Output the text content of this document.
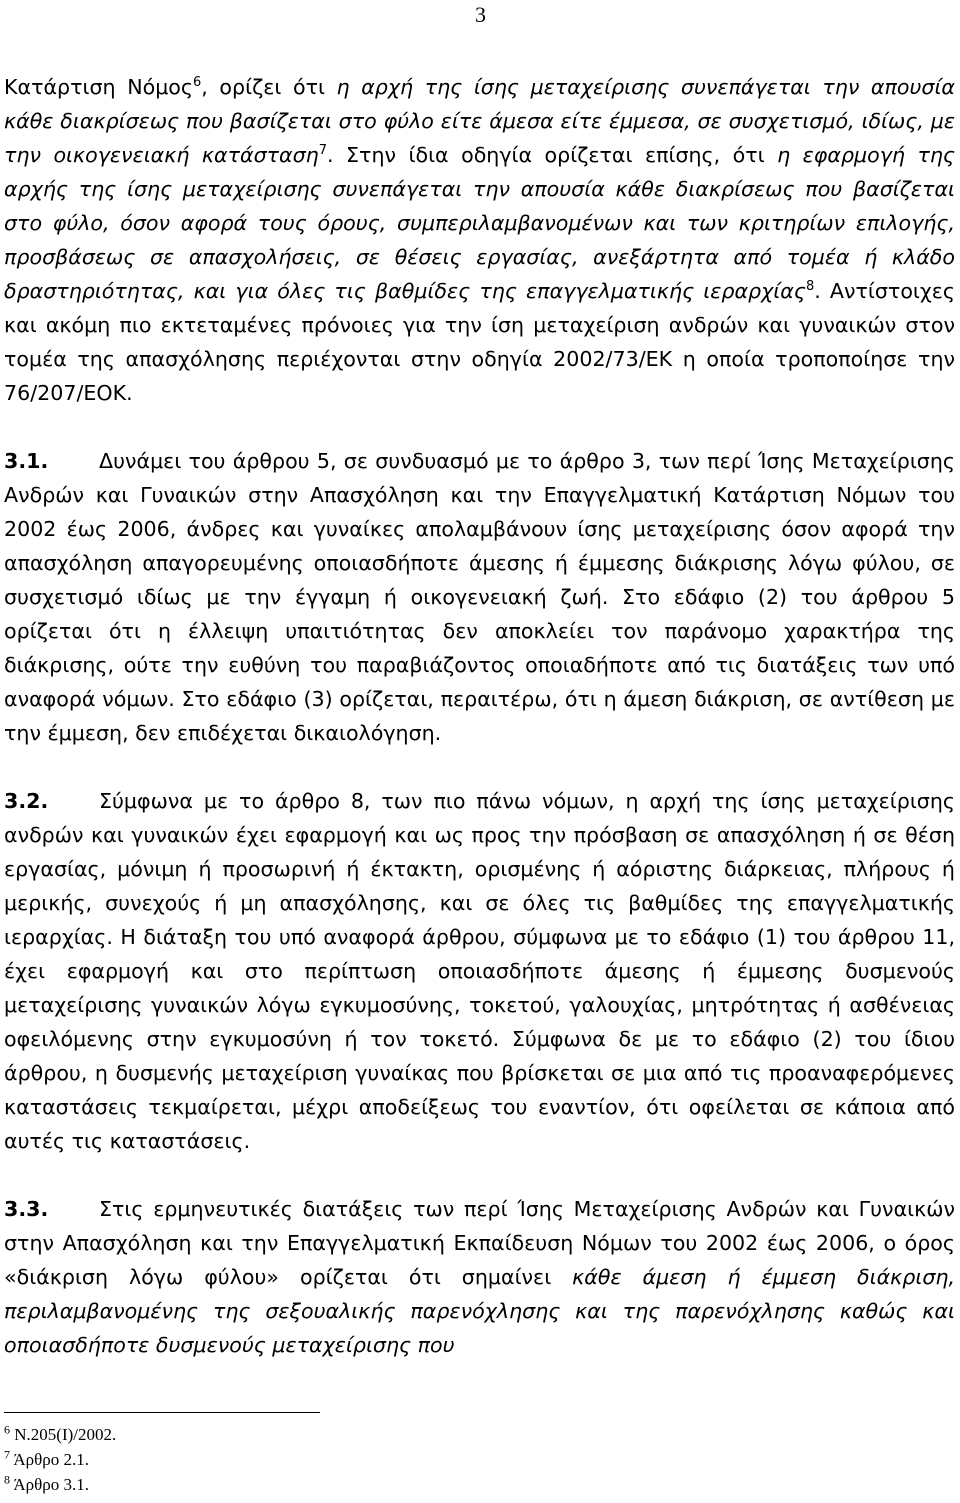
3

Κατάρτιση Νόμος$^6$, ορίζει ότι η αρχή της ίσης μεταχείρισης συνεπάγεται την απουσία κάθε διακρίσεως που βασίζεται στο φύλο είτε άμεσα είτε έμμεσα, σε συσχετισμό, ιδίως, με την οικογενειακή κατάσταση$^7$. Στην ίδια οδηγία ορίζεται επίσης, ότι η εφαρμογή της αρχής της ίσης μεταχείρισης συνεπάγεται την απουσία κάθε διακρίσεως που βασίζεται στο φύλο, όσον αφορά τους όρους, συμπεριλαμβανομένων και των κριτηρίων επιλογής, προσβάσεως σε απασχολήσεις, σε θέσεις εργασίας, ανεξάρτητα από τομέα ή κλάδο δραστηριότητας, και για όλες τις βαθμίδες της επαγγελματικής ιεραρχίας$^8$. Αντίστοιχες και ακόμη πιο εκτεταμένες πρόνοιες για την ίση μεταχείριση ανδρών και γυναικών στον τομέα της απασχόλησης περιέχονται στην οδηγία 2002/73/ΕΚ η οποία τροποποίησε την 76/207/ΕΟΚ.

3.1. Δυνάμει του άρθρου 5, σε συνδυασμό με το άρθρο 3, των περί Ίσης Μεταχείρισης Ανδρών και Γυναικών στην Απασχόληση και την Επαγγελματική Κατάρτιση Νόμων του 2002 έως 2006, άνδρες και γυναίκες απολαμβάνουν ίσης μεταχείρισης όσον αφορά την απασχόληση απαγορευμένης οποιασδήποτε άμεσης ή έμμεσης διάκρισης λόγω φύλου, σε συσχετισμό ιδίως με την έγγαμη ή οικογενειακή ζωή. Στο εδάφιο (2) του άρθρου 5 ορίζεται ότι η έλλειψη υπαιτιότητας δεν αποκλείει τον παράνομο χαρακτήρα της διάκρισης, ούτε την ευθύνη του παραβιάζοντος οποιαδήποτε από τις διατάξεις των υπό αναφορά νόμων. Στο εδάφιο (3) ορίζεται, περαιτέρω, ότι η άμεση διάκριση, σε αντίθεση με την έμμεση, δεν επιδέχεται δικαιολόγηση.

3.2. Σύμφωνα με το άρθρο 8, των πιο πάνω νόμων, η αρχή της ίσης μεταχείρισης ανδρών και γυναικών έχει εφαρμογή και ως προς την πρόσβαση σε απασχόληση ή σε θέση εργασίας, μόνιμη ή προσωρινή ή έκτακτη, ορισμένης ή αόριστης διάρκειας, πλήρους ή μερικής, συνεχούς ή μη απασχόλησης, και σε όλες τις βαθμίδες της επαγγελματικής ιεραρχίας. Η διάταξη του υπό αναφορά άρθρου, σύμφωνα με το εδάφιο (1) του άρθρου 11, έχει εφαρμογή και στο περίπτωση οποιασδήποτε άμεσης ή έμμεσης δυσμενούς μεταχείρισης γυναικών λόγω εγκυμοσύνης, τοκετού, γαλουχίας, μητρότητας ή ασθένειας οφειλόμενης στην εγκυμοσύνη ή τον τοκετό. Σύμφωνα δε με το εδάφιο (2) του ίδιου άρθρου, η δυσμενής μεταχείριση γυναίκας που βρίσκεται σε μια από τις προαναφερόμενες καταστάσεις τεκμαίρεται, μέχρι αποδείξεως του εναντίον, ότι οφείλεται σε κάποια από αυτές τις καταστάσεις.

3.3. Στις ερμηνευτικές διατάξεις των περί Ίσης Μεταχείρισης Ανδρών και Γυναικών στην Απασχόληση και την Επαγγελματική Εκπαίδευση Νόμων του 2002 έως 2006, ο όρος «διάκριση λόγω φύλου» ορίζεται ότι σημαίνει κάθε άμεση ή έμμεση διάκριση, περιλαμβανομένης της σεξουαλικής παρενόχλησης και της παρενόχλησης καθώς και οποιασδήποτε δυσμενούς μεταχείρισης που

$^6$ Ν.205(Ι)/2002.
$^7$ Άρθρο 2.1.
$^8$ Άρθρο 3.1.
